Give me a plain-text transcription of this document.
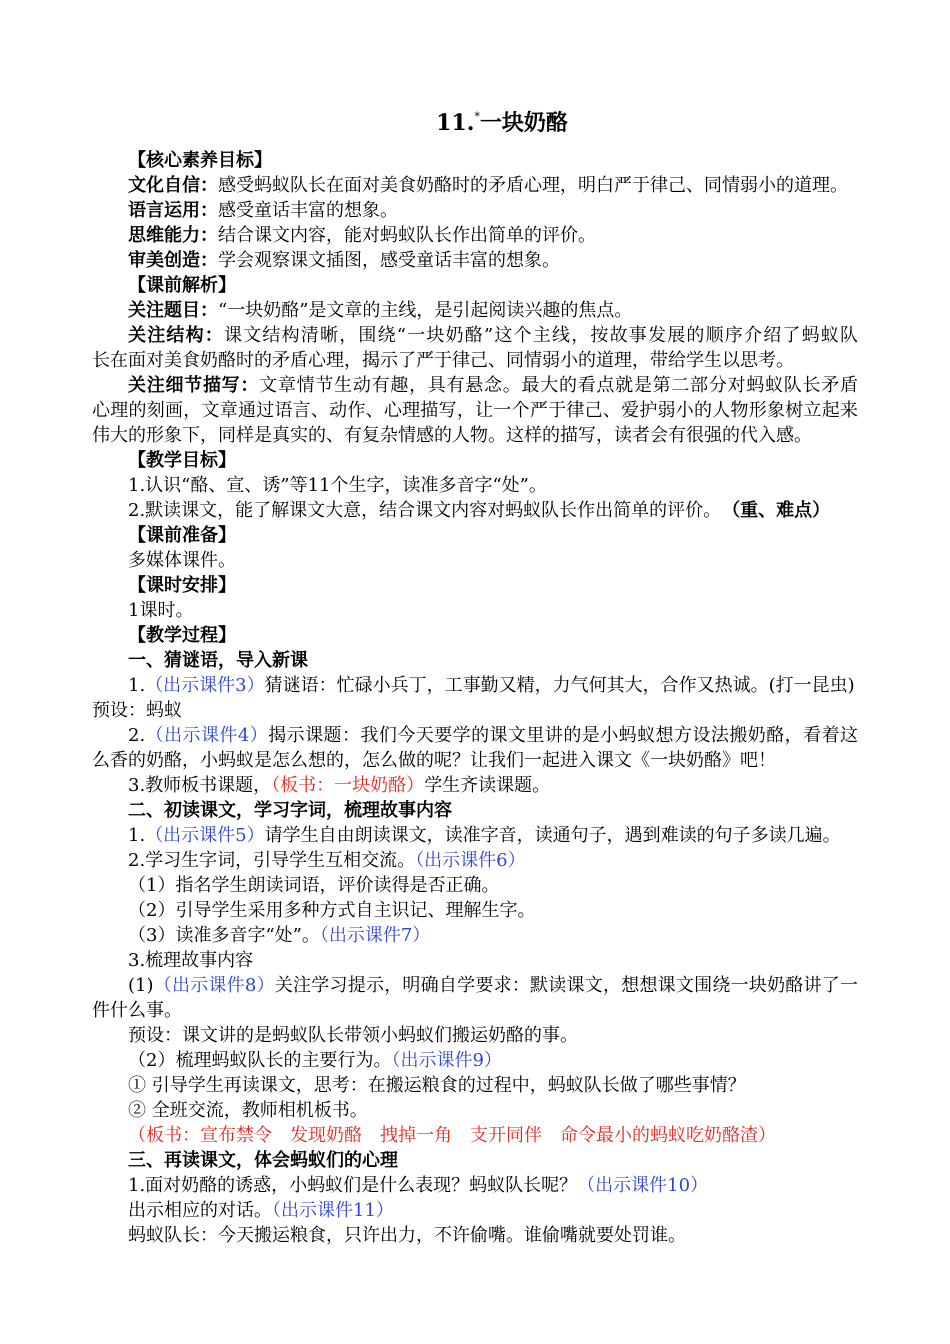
11.*一块奶酪
【核心素养目标】
文化自信：感受蚂蚁队长在面对美食奶酪时的矛盾心理，明白严于律己、同情弱小的道理。
语言运用：感受童话丰富的想象。
思维能力：结合课文内容，能对蚂蚁队长作出简单的评价。
审美创造：学会观察课文插图，感受童话丰富的想象。
【课前解析】
关注题目：“一块奶酪”是文章的主线，是引起阅读兴趣的焦点。
关注结构：课文结构清晰，围绕“一块奶酪”这个主线，按故事发展的顺序介绍了蚂蚁队
长在面对美食奶酪时的矛盾心理，揭示了严于律己、同情弱小的道理，带给学生以思考。
关注细节描写：文章情节生动有趣，具有悬念。最大的看点就是第二部分对蚂蚁队长矛盾
心理的刻画，文章通过语言、动作、心理描写，让一个严于律己、爱护弱小的人物形象树立起来
伟大的形象下，同样是真实的、有复杂情感的人物。这样的描写，读者会有很强的代入感。
【教学目标】
1.认识“酪、宣、诱”等11个生字，读准多音字“处”。
2.默读课文，能了解课文大意，结合课文内容对蚂蚁队长作出简单的评价。 （重、难点）
【课前准备】
多媒体课件。
【课时安排】
1课时。
【教学过程】
一、猜谜语，导入新课
1.（出示课件3）猜谜语：忙碌小兵丁，工事勤又精，力气何其大，合作又热诚。(打一昆虫)
预设：蚂蚁
2.（出示课件4）揭示课题：我们今天要学的课文里讲的是小蚂蚁想方设法搬奶酪，看着这
么香的奶酪，小蚂蚁是怎么想的，怎么做的呢？让我们一起进入课文《一块奶酪》吧！
3.教师板书课题，（板书：一块奶酪）学生齐读课题。
二、初读课文，学习字词，梳理故事内容
1.（出示课件5）请学生自由朗读课文，读准字音，读通句子，遇到难读的句子多读几遍。
2.学习生字词，引导学生互相交流。（出示课件6）
（1）指名学生朗读词语，评价读得是否正确。
（2）引导学生采用多种方式自主识记、理解生字。
（3）读准多音字“处”。（出示课件7）
3.梳理故事内容
(1)（出示课件8）关注学习提示，明确自学要求：默读课文，想想课文围绕一块奶酪讲了一
件什么事。
预设：课文讲的是蚂蚁队长带领小蚂蚁们搬运奶酪的事。
（2）梳理蚂蚁队长的主要行为。（出示课件9）
① 引导学生再读课文，思考：在搬运粮食的过程中，蚂蚁队长做了哪些事情？
② 全班交流，教师相机板书。
（板书：宣布禁令　发现奶酪　拽掉一角　支开同伴　命令最小的蚂蚁吃奶酪渣）
三、再读课文，体会蚂蚁们的心理
1.面对奶酪的诱惑，小蚂蚁们是什么表现？蚂蚁队长呢？（出示课件10）
出示相应的对话。（出示课件11）
蚂蚁队长：今天搬运粮食，只许出力，不许偷嘴。谁偷嘴就要处罚谁。
